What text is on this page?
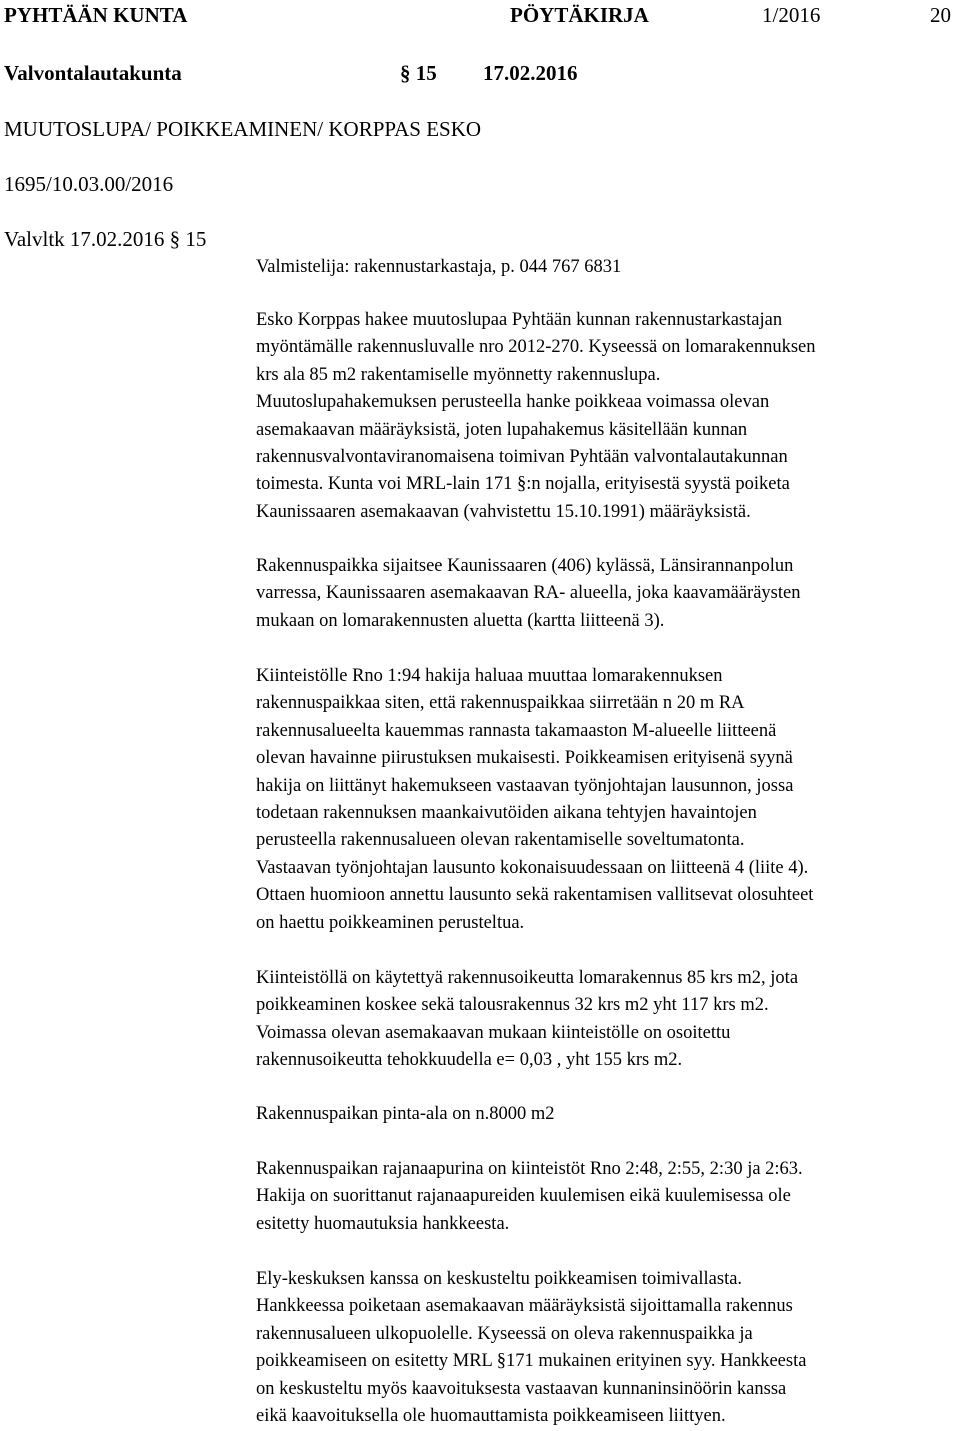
PYHTÄÄN KUNTA	PÖYTÄKIRJA	1/2016	20
Valvontalautakunta	§ 15 17.02.2016
MUUTOSLUPA/ POIKKEAMINEN/ KORPPAS ESKO
1695/10.03.00/2016
Valvltk 17.02.2016 § 15
Valmistelija: rakennustarkastaja, p. 044 767 6831
Esko Korppas hakee muutoslupaa Pyhtään kunnan rakennustarkastajan
myöntämälle rakennusluvalle nro 2012-270. Kyseessä on lomarakennuksen
krs ala 85 m2 rakentamiselle myönnetty rakennuslupa.
Muutoslupahakemuksen perusteella hanke poikkeaa voimassa olevan
asemakaavan määräyksistä, joten lupahakemus käsitellään kunnan
rakennusvalvontaviranomaisena toimivan Pyhtään valvontalautakunnan
toimesta. Kunta voi MRL-lain 171 §:n nojalla, erityisestä syystä poiketa
Kaunissaaren asemakaavan (vahvistettu 15.10.1991) määräyksistä.
Rakennuspaikka sijaitsee Kaunissaaren (406) kylässä, Länsirannanpolun
varressa, Kaunissaaren asemakaavan RA- alueella, joka kaavamääräysten
mukaan on lomarakennusten aluetta (kartta liitteenä 3).
Kiinteistölle Rno 1:94 hakija haluaa muuttaa lomarakennuksen
rakennuspaikkaa siten, että rakennuspaikkaa siirretään n 20 m RA
rakennusalueelta kauemmas rannasta takamaaston M-alueelle liitteenä
olevan havainne piirustuksen mukaisesti. Poikkeamisen erityisenä syynä
hakija on liittänyt hakemukseen vastaavan työnjohtajan lausunnon, jossa
todetaan rakennuksen maankaivutöiden aikana tehtyjen havaintojen
perusteella rakennusalueen olevan rakentamiselle soveltumatonta.
Vastaavan työnjohtajan lausunto kokonaisuudessaan on liitteenä 4 (liite 4).
Ottaen huomioon annettu lausunto sekä rakentamisen vallitsevat olosuhteet
on haettu poikkeaminen perusteltua.
Kiinteistöllä on käytettyä rakennusoikeutta lomarakennus 85 krs m2, jota
poikkeaminen koskee sekä talousrakennus 32 krs m2 yht 117 krs m2.
Voimassa olevan asemakaavan mukaan kiinteistölle on osoitettu
rakennusoikeutta tehokkuudella e= 0,03 , yht 155 krs m2.
Rakennuspaikan pinta-ala on n.8000 m2
Rakennuspaikan rajanaapurina on kiinteistöt Rno 2:48, 2:55, 2:30 ja 2:63.
Hakija on suorittanut rajanaapureiden kuulemisen eikä kuulemisessa ole
esitetty huomautuksia hankkeesta.
Ely-keskuksen kanssa on keskusteltu poikkeamisen toimivallasta.
Hankkeessa poiketaan asemakaavan määräyksistä sijoittamalla rakennus
rakennusalueen ulkopuolelle. Kyseessä on oleva rakennuspaikka ja
poikkeamiseen on esitetty MRL §171 mukainen erityinen syy. Hankkeesta
on keskusteltu myös kaavoituksesta vastaavan kunnaninsinöörin kanssa
eikä kaavoituksella ole huomauttamista poikkeamiseen liittyen.
